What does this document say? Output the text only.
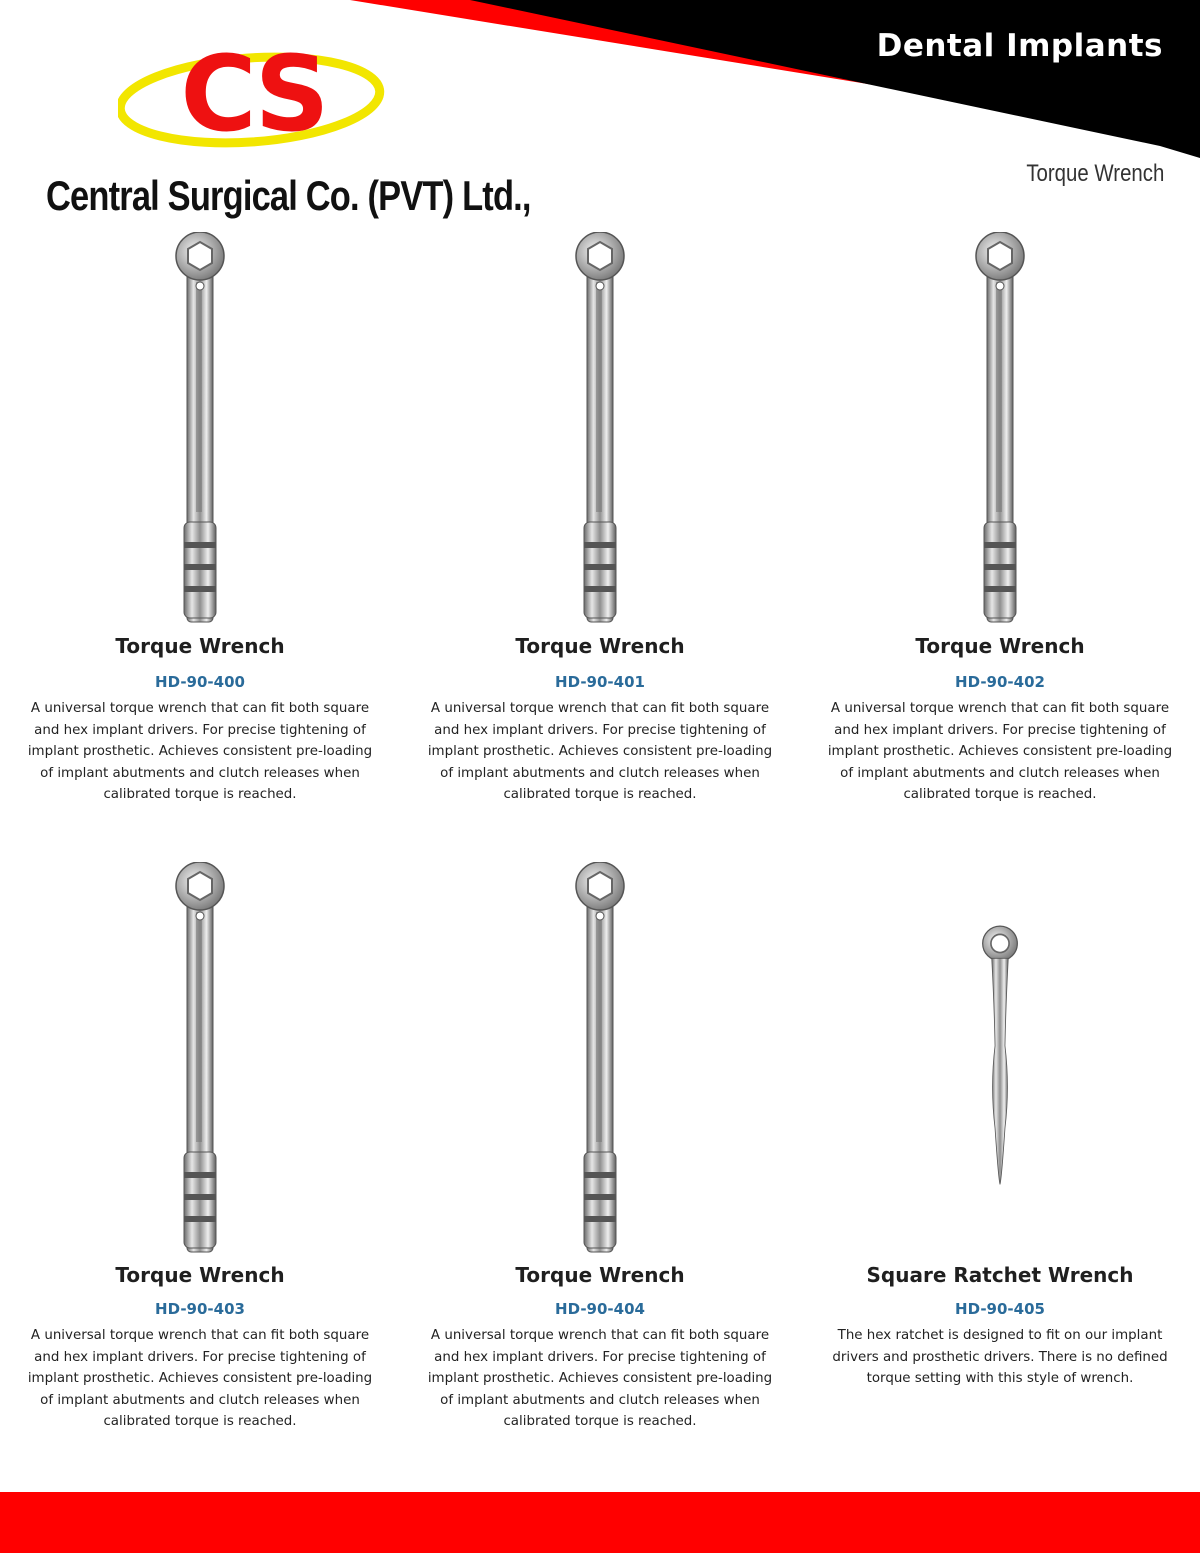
Dental Implants
CS
Central Surgical Co. (PVT) Ltd.,	Torque Wrench
Torque Wrench
HD-90-400
A universal torque wrench that can fit both square and hex implant drivers. For precise tightening of implant prosthetic. Achieves consistent pre-loading of implant abutments and clutch releases when calibrated torque is reached.
Torque Wrench
HD-90-401
A universal torque wrench that can fit both square and hex implant drivers. For precise tightening of implant prosthetic. Achieves consistent pre-loading of implant abutments and clutch releases when calibrated torque is reached.
Torque Wrench
HD-90-402
A universal torque wrench that can fit both square and hex implant drivers. For precise tightening of implant prosthetic. Achieves consistent pre-loading of implant abutments and clutch releases when calibrated torque is reached.
Torque Wrench
HD-90-403
A universal torque wrench that can fit both square and hex implant drivers. For precise tightening of implant prosthetic. Achieves consistent pre-loading of implant abutments and clutch releases when calibrated torque is reached.
Torque Wrench
HD-90-404
A universal torque wrench that can fit both square and hex implant drivers. For precise tightening of implant prosthetic. Achieves consistent pre-loading of implant abutments and clutch releases when calibrated torque is reached.
Square Ratchet Wrench
HD-90-405
The hex ratchet is designed to fit on our implant drivers and prosthetic drivers. There is no defined torque setting with this style of wrench.
